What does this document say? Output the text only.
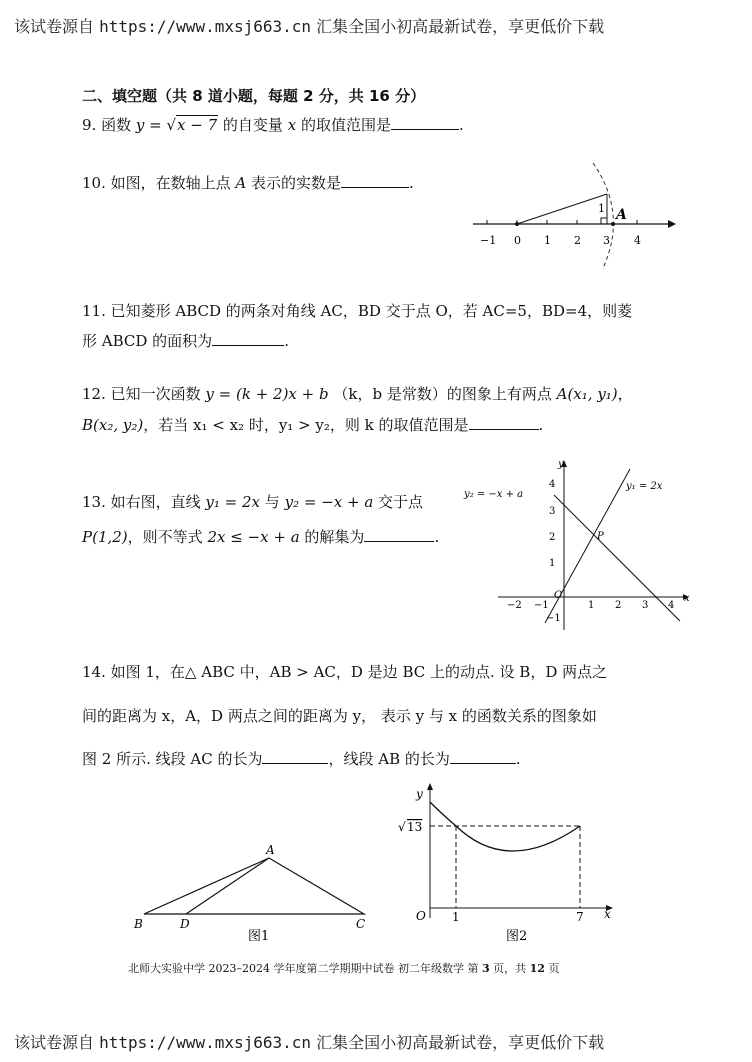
该试卷源自 https://www.mxsj663.cn 汇集全国小初高最新试卷，享更低价下载
二、填空题（共 8 道小题，每题 2 分，共 16 分）
9. 函数 y = √x − 7 的自变量 x 的取值范围是	.
10. 如图，在数轴上点 A 表示的实数是	.
1 A
−1 0 1 2 3 4
11. 已知菱形 ABCD 的两条对角线 AC，BD 交于点 O，若 AC=5，BD=4，则菱
形 ABCD 的面积为	.
12. 已知一次函数 y = (k + 2)x + b （k，b 是常数）的图象上有两点 A(x₁, y₁)，
B(x₂, y₂)，若当 x₁ < x₂ 时，y₁ > y₂，则 k 的取值范围是	.
13. 如右图，直线 y₁ = 2x 与 y₂ = −x + a 交于点
P(1,2)，则不等式 2x ≤ −x + a 的解集为	.
y
x
O
y₁ = 2x
y₂ = −x + a
P
−2 −1	1 2 3 4
4
3
2
1
−1
14. 如图 1，在△ ABC 中，AB > AC，D 是边 BC 上的动点. 设 B，D 两点之
间的距离为 x，A，D 两点之间的距离为 y， 表示 y 与 x 的函数关系的图象如
图 2 所示. 线段 AC 的长为	，线段 AB 的长为	.
A
B	D	C
图1
y
x
O
√ 13
1	7
图2
北师大实验中学 2023–2024 学年度第二学期期中试卷 初二年级数学 第 3 页，共 12 页
该试卷源自 https://www.mxsj663.cn 汇集全国小初高最新试卷，享更低价下载
